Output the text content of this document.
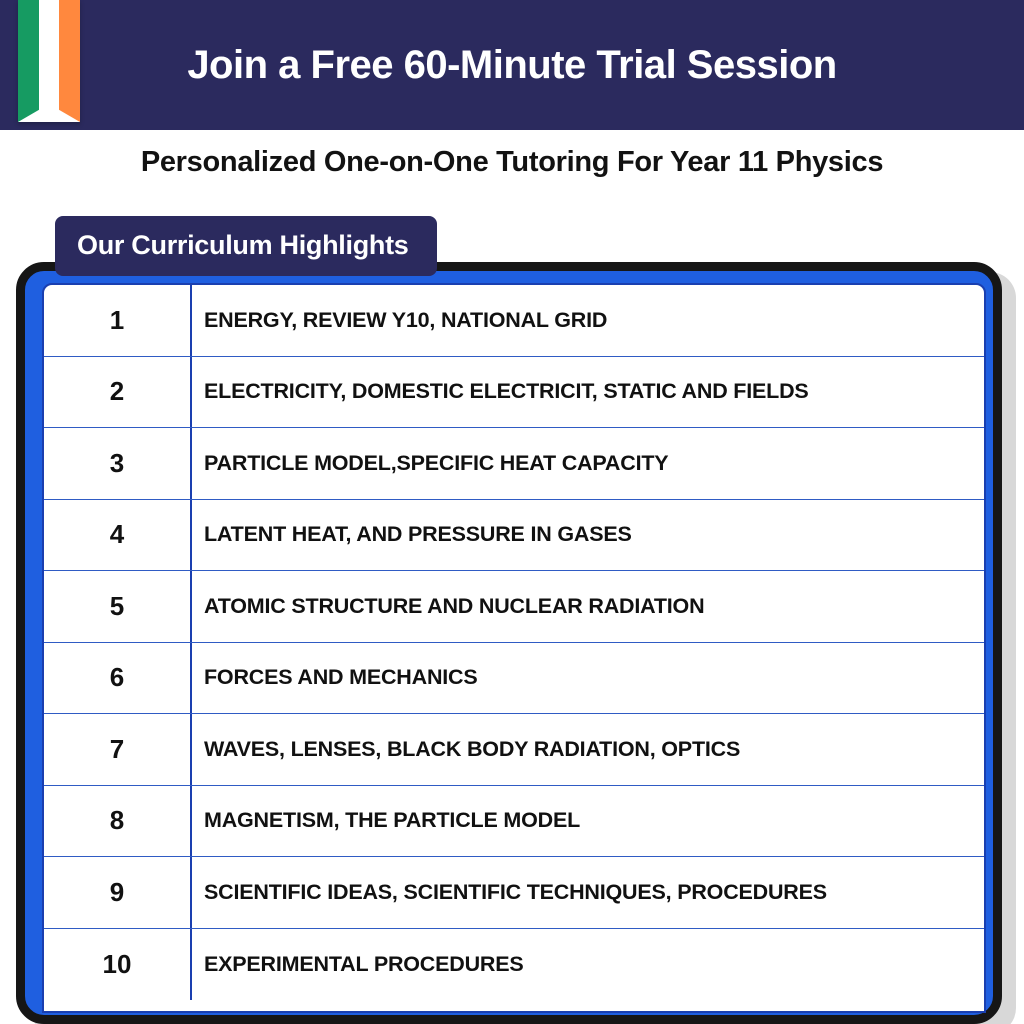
Join a Free 60-Minute Trial Session
Personalized One-on-One Tutoring For Year 11 Physics
Our Curriculum Highlights
1	ENERGY, REVIEW Y10, NATIONAL GRID
2	ELECTRICITY, DOMESTIC ELECTRICIT, STATIC AND FIELDS
3	PARTICLE MODEL,SPECIFIC HEAT CAPACITY
4	LATENT HEAT, AND PRESSURE IN GASES
5	ATOMIC STRUCTURE AND NUCLEAR RADIATION
6	FORCES AND MECHANICS
7	WAVES, LENSES, BLACK BODY RADIATION, OPTICS
8	MAGNETISM, THE PARTICLE MODEL
9	SCIENTIFIC IDEAS, SCIENTIFIC TECHNIQUES, PROCEDURES
10	EXPERIMENTAL PROCEDURES
